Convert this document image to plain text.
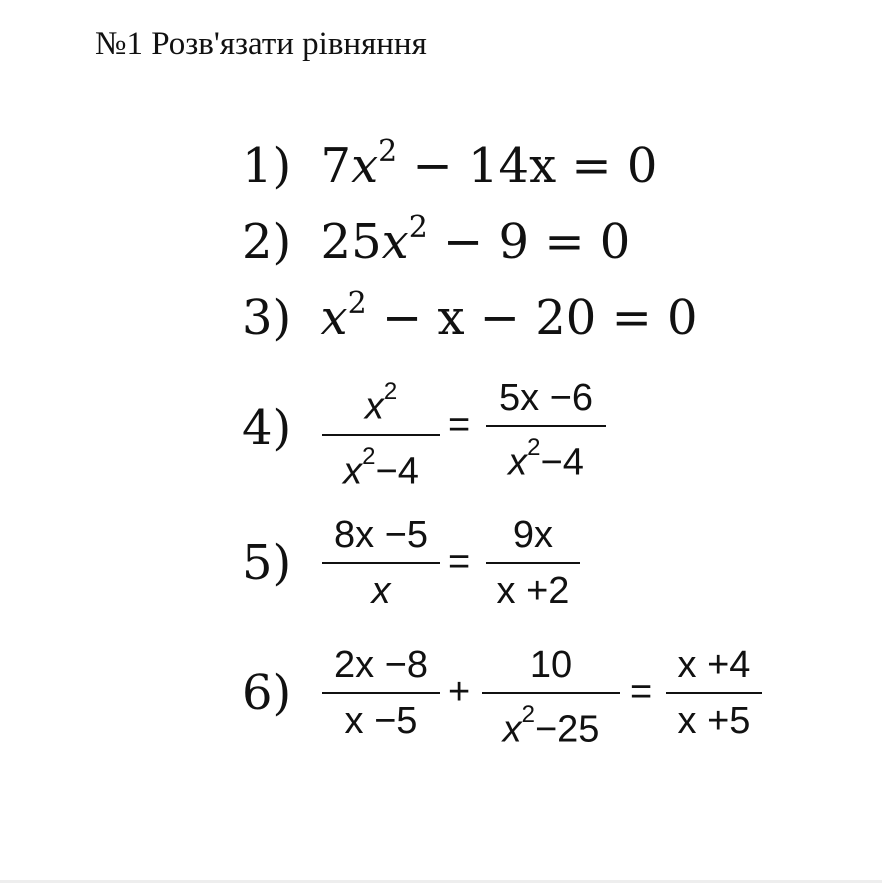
№1 Розв'язати рівняння
1) $7x^2 - 14x = 0$
2) $25x^2 - 9 = 0$
3) $x^2 - x - 20 = 0$
4)	$x^2$
$x^2-4$
=
5x −6
$x^2-4$
5)	8x −5
x
=
9x
x +2
6)	2x −8
x −5
+
10
$x^2-25$
=
x +4
x +5
